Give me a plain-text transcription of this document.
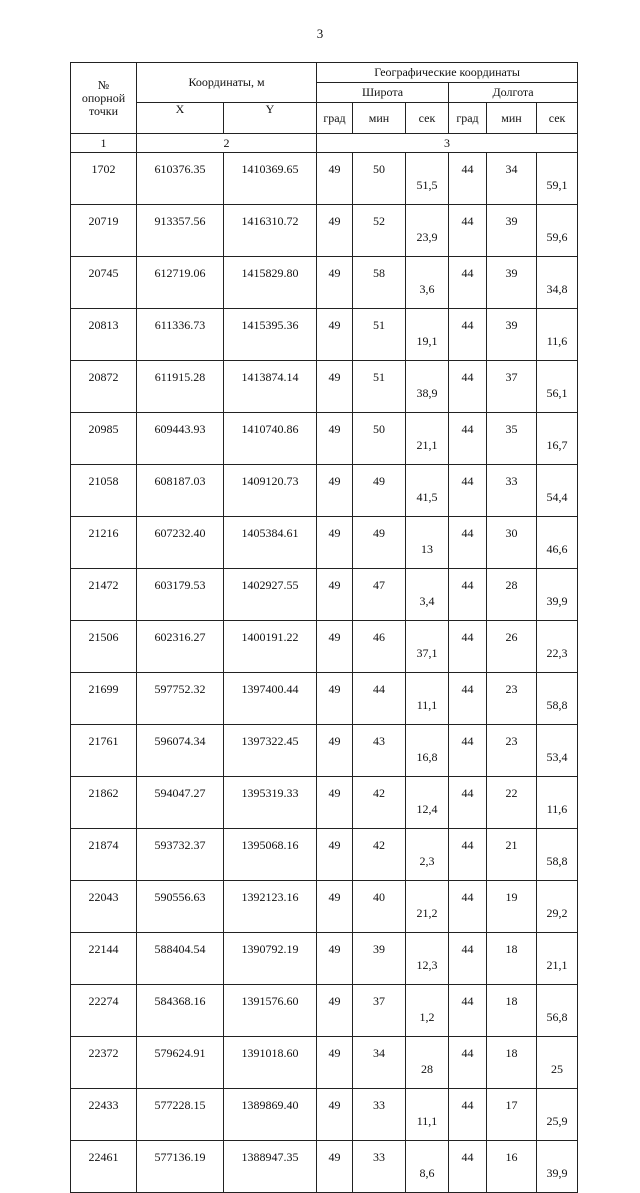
3
№
опорной
точки	Координаты, м		Географические координаты					
			Широта			Долгота		
	X	Y	град	мин	сек	град	мин	сек
1	2		3					
1702	610376.35	1410369.65	49	50	51,5	44	34	59,1
20719	913357.56	1416310.72	49	52	23,9	44	39	59,6
20745	612719.06	1415829.80	49	58	3,6	44	39	34,8
20813	611336.73	1415395.36	49	51	19,1	44	39	11,6
20872	611915.28	1413874.14	49	51	38,9	44	37	56,1
20985	609443.93	1410740.86	49	50	21,1	44	35	16,7
21058	608187.03	1409120.73	49	49	41,5	44	33	54,4
21216	607232.40	1405384.61	49	49	13	44	30	46,6
21472	603179.53	1402927.55	49	47	3,4	44	28	39,9
21506	602316.27	1400191.22	49	46	37,1	44	26	22,3
21699	597752.32	1397400.44	49	44	11,1	44	23	58,8
21761	596074.34	1397322.45	49	43	16,8	44	23	53,4
21862	594047.27	1395319.33	49	42	12,4	44	22	11,6
21874	593732.37	1395068.16	49	42	2,3	44	21	58,8
22043	590556.63	1392123.16	49	40	21,2	44	19	29,2
22144	588404.54	1390792.19	49	39	12,3	44	18	21,1
22274	584368.16	1391576.60	49	37	1,2	44	18	56,8
22372	579624.91	1391018.60	49	34	28	44	18	25
22433	577228.15	1389869.40	49	33	11,1	44	17	25,9
22461	577136.19	1388947.35	49	33	8,6	44	16	39,9
